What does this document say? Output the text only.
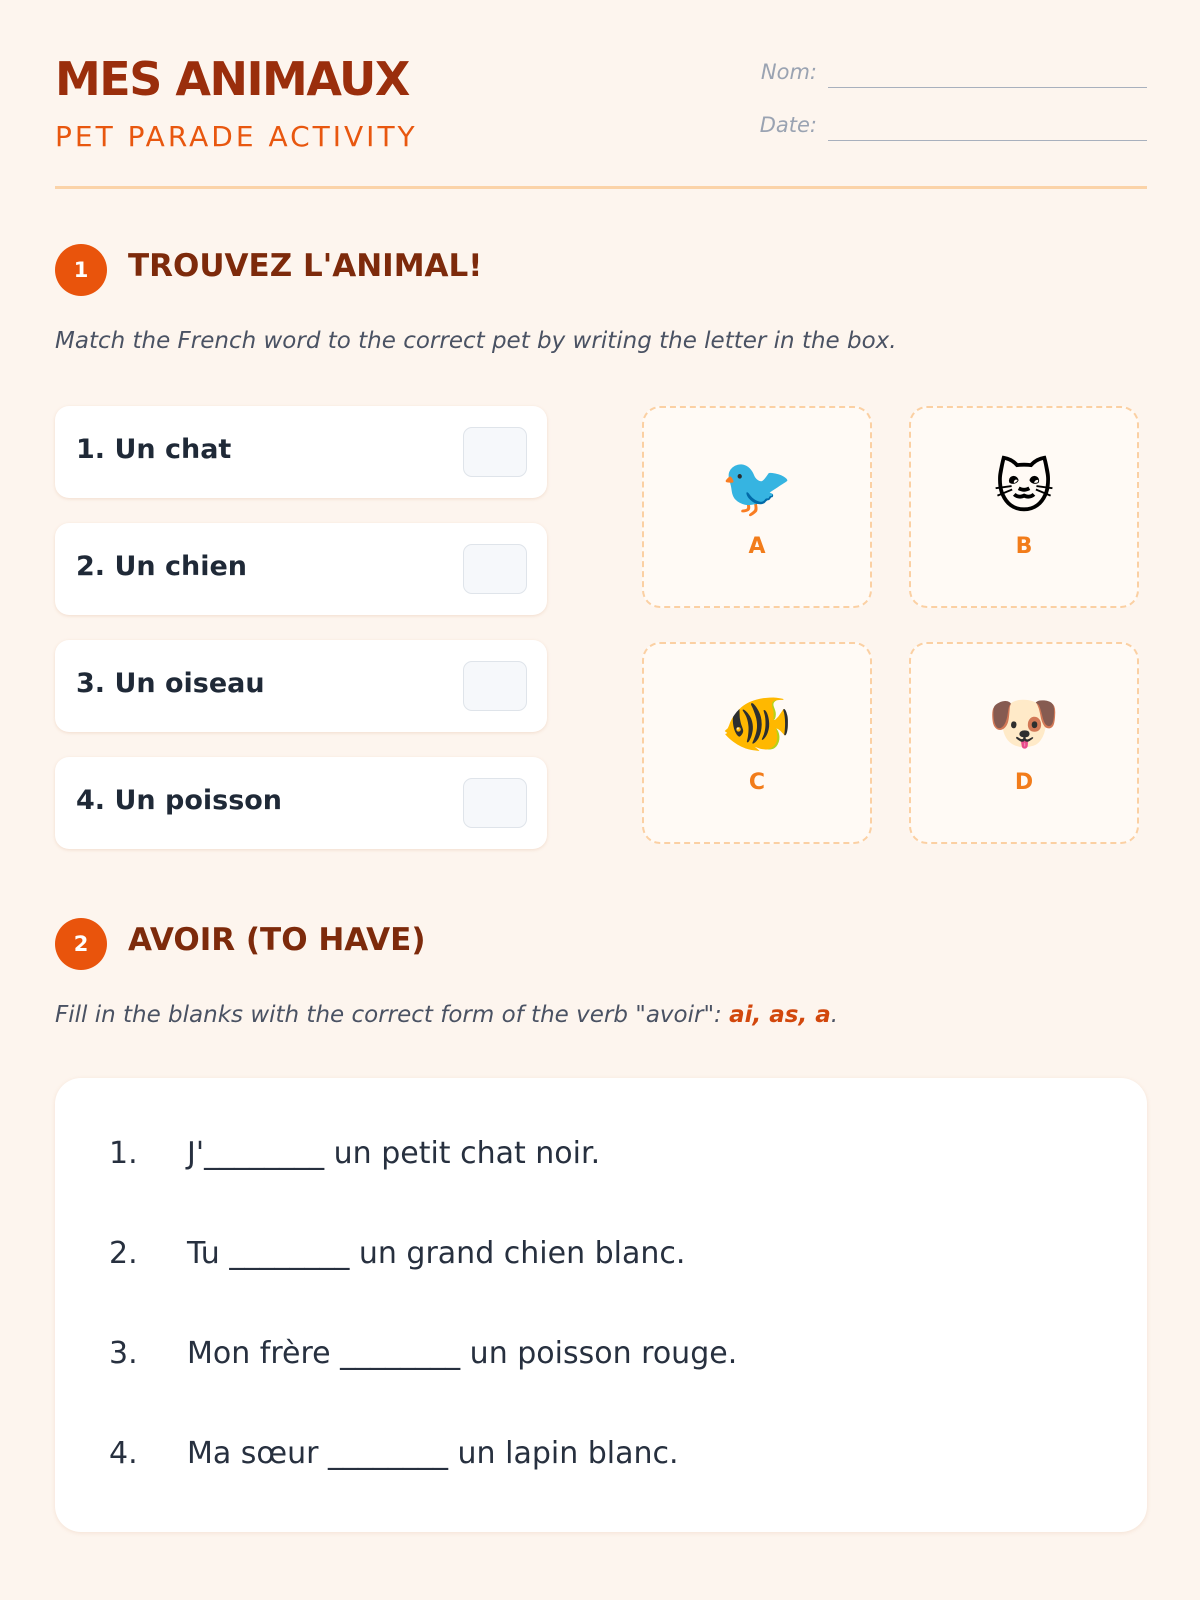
MES ANIMAUX
PET PARADE ACTIVITY
Nom:
Date:
1	TROUVEZ L'ANIMAL!
Match the French word to the correct pet by writing the letter in the box.
1. Un chat
2. Un chien
3. Un oiseau
4. Un poisson
🐦
A
🐱
B
🐠
C
🐶
D
2	AVOIR (TO HAVE)
Fill in the blanks with the correct form of the verb "avoir": ai, as, a.
1. J'________ un petit chat noir.
2. Tu ________ un grand chien blanc.
3. Mon frère ________ un poisson rouge.
4. Ma sœur ________ un lapin blanc.
